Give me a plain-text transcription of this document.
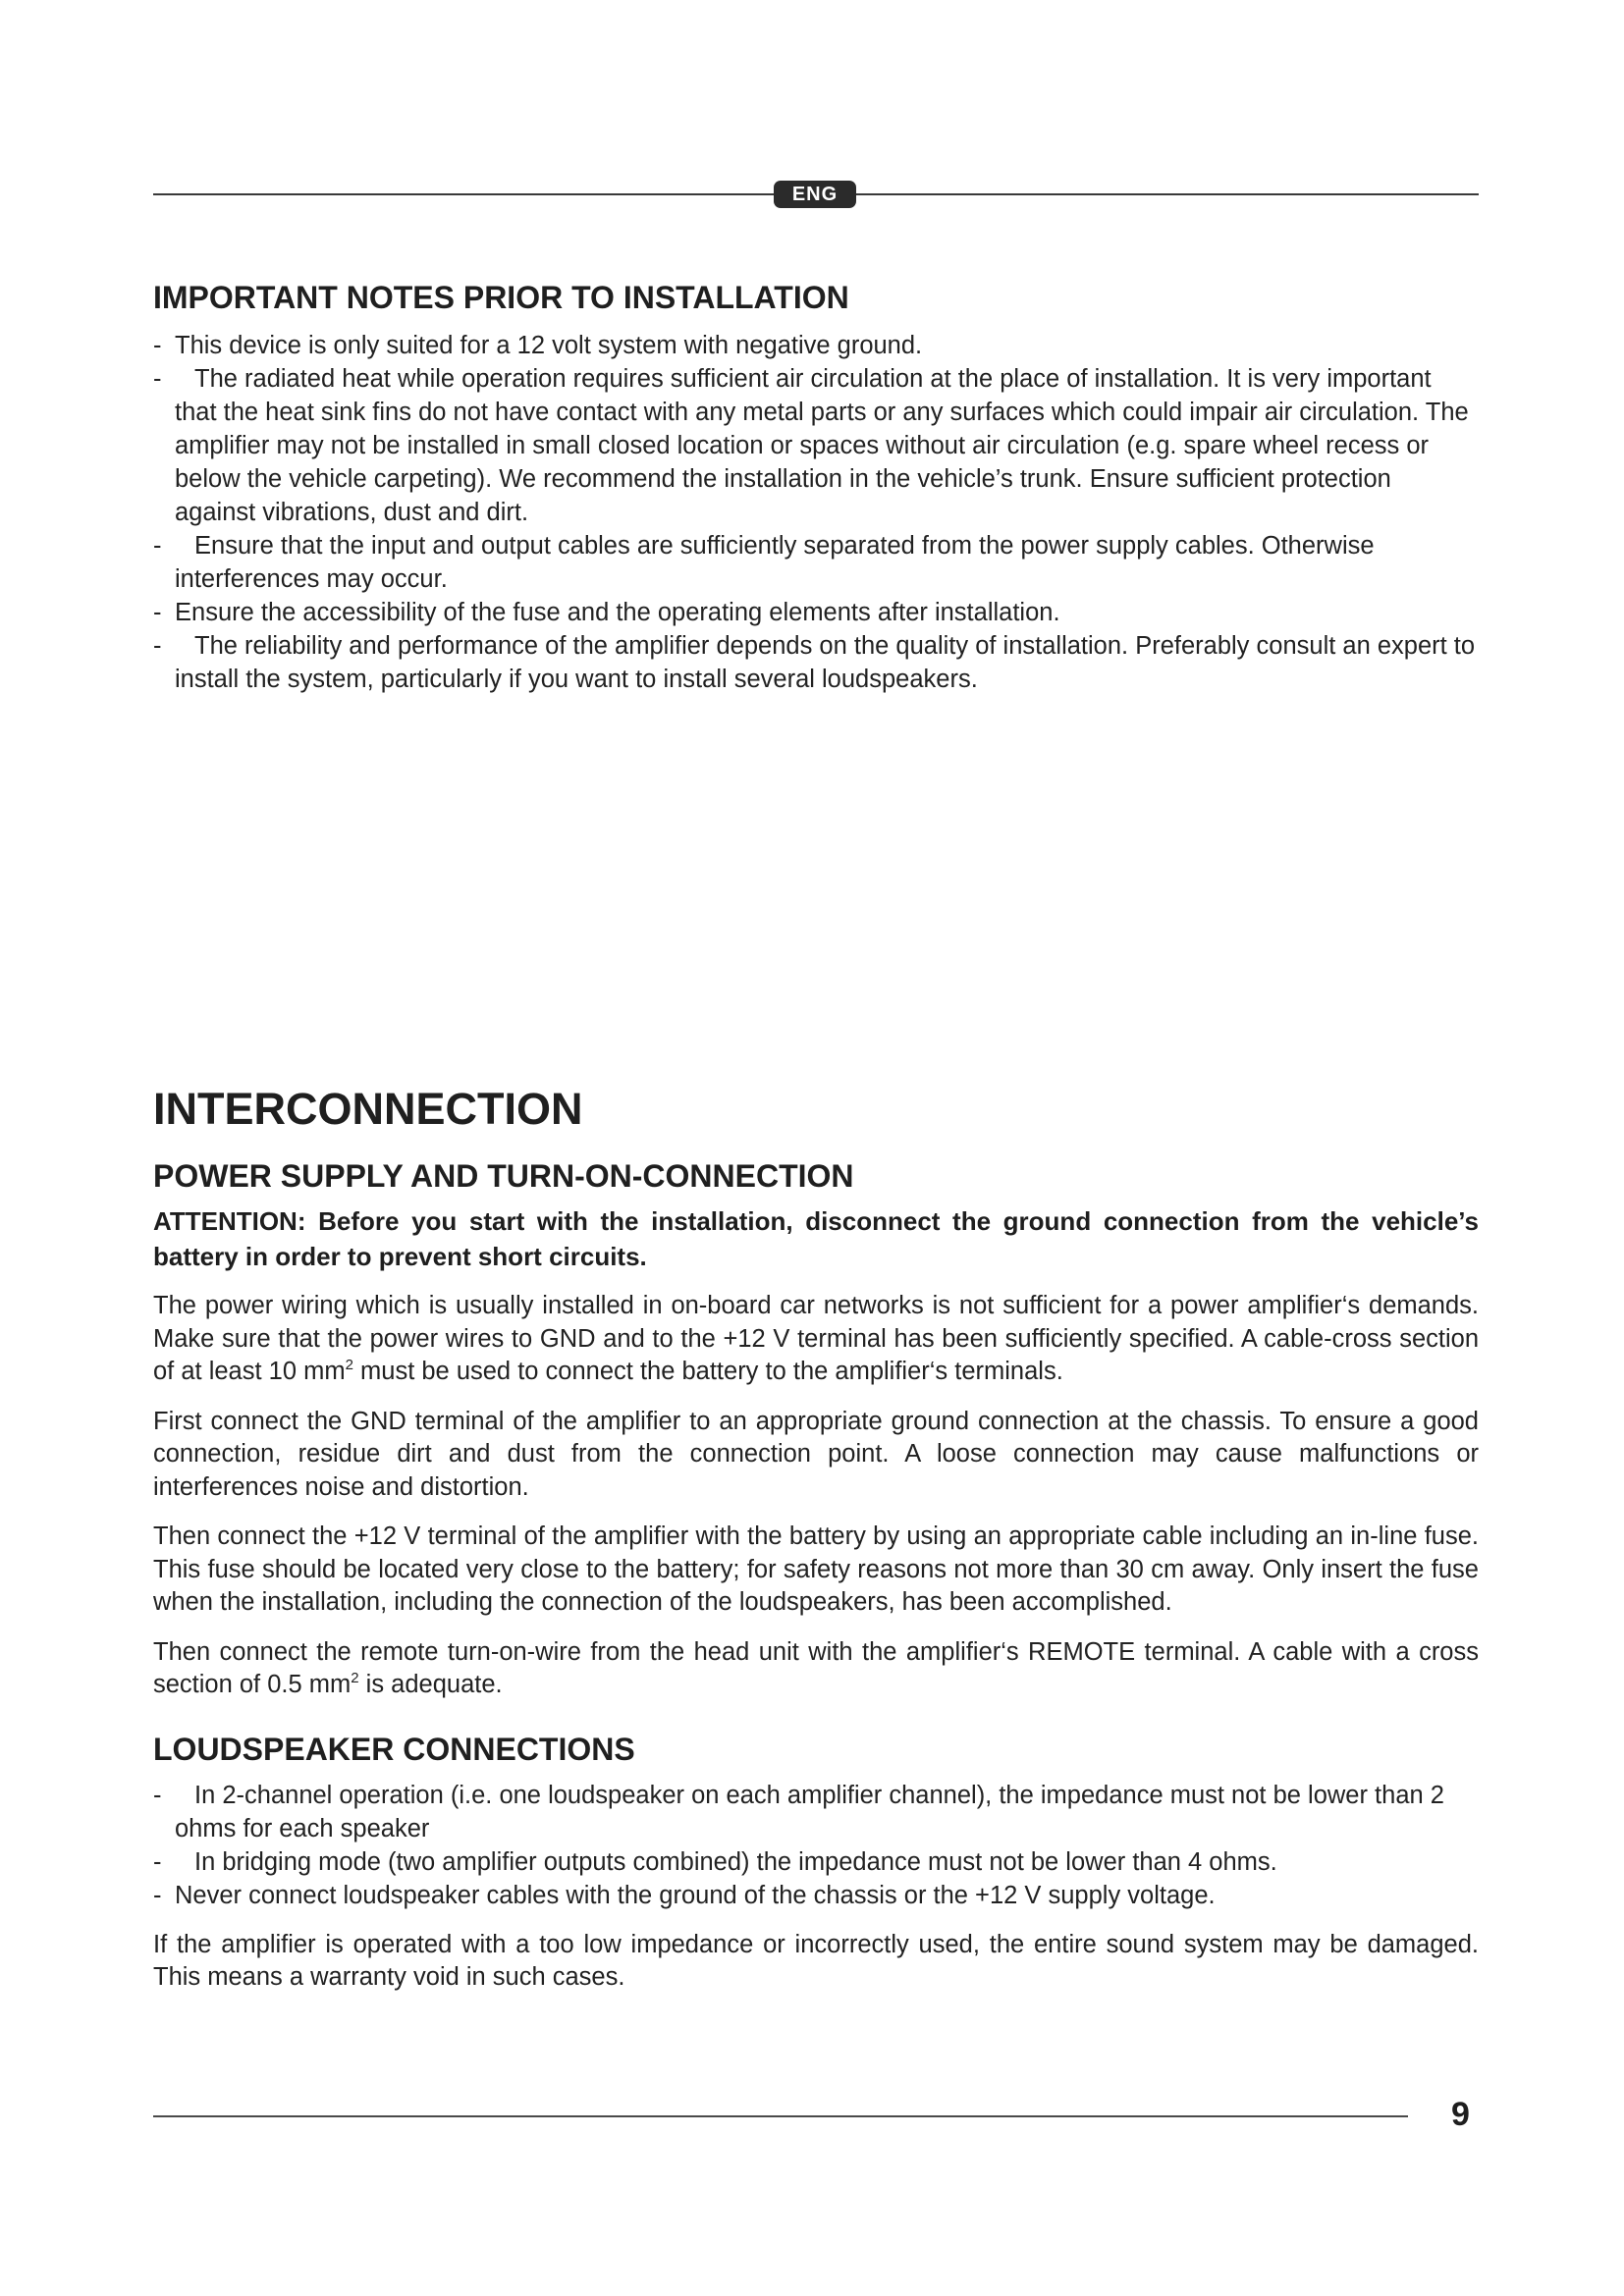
ENG
IMPORTANT NOTES PRIOR TO INSTALLATION
- This device is only suited for a 12 volt system with negative ground.
- The radiated heat while operation requires sufficient air circulation at the place of installation. It is very important that the heat sink fins do not have contact with any metal parts or any surfaces which could impair air circulation. The amplifier may not be installed in small closed location or spaces without air circulation (e.g. spare wheel recess or below the vehicle carpeting). We recommend the installation in the vehicle’s trunk. Ensure sufficient protection against vibrations, dust and dirt.
- Ensure that the input and output cables are sufficiently separated from the power supply cables. Otherwise interferences may occur.
- Ensure the accessibility of the fuse and the operating elements after installation.
- The reliability and performance of the amplifier depends on the quality of installation. Preferably consult an expert to install the system, particularly if you want to install several loudspeakers.
INTERCONNECTION
POWER SUPPLY AND TURN-ON-CONNECTION

ATTENTION: Before you start with the installation, disconnect the ground connection from the vehicle’s battery in order to prevent short circuits.

The power wiring which is usually installed in on-board car networks is not sufficient for a power amplifier‘s demands. Make sure that the power wires to GND and to the +12 V terminal has been sufficiently specified. A cable-cross section of at least 10 $mm^2$ must be used to connect the battery to the amplifier‘s terminals.

First connect the GND terminal of the amplifier to an appropriate ground connection at the chassis. To ensure a good connection, residue dirt and dust from the connection point. A loose connection may cause malfunctions or interferences noise and distortion.

Then connect the +12 V terminal of the amplifier with the battery by using an appropriate cable including an in-line fuse. This fuse should be located very close to the battery; for safety reasons not more than 30 cm away. Only insert the fuse when the installation, including the connection of the loudspeakers, has been accomplished.

Then connect the remote turn-on-wire from the head unit with the amplifier‘s REMOTE terminal. A cable with a cross section of 0.5 $mm^2$ is adequate.

LOUDSPEAKER CONNECTIONS
- In 2-channel operation (i.e. one loudspeaker on each amplifier channel), the impedance must not be lower than 2 ohms for each speaker
- In bridging mode (two amplifier outputs combined) the impedance must not be lower than 4 ohms.
- Never connect loudspeaker cables with the ground of the chassis or the +12 V supply voltage.

If the amplifier is operated with a too low impedance or incorrectly used, the entire sound system may be damaged. This means a warranty void in such cases.

9
